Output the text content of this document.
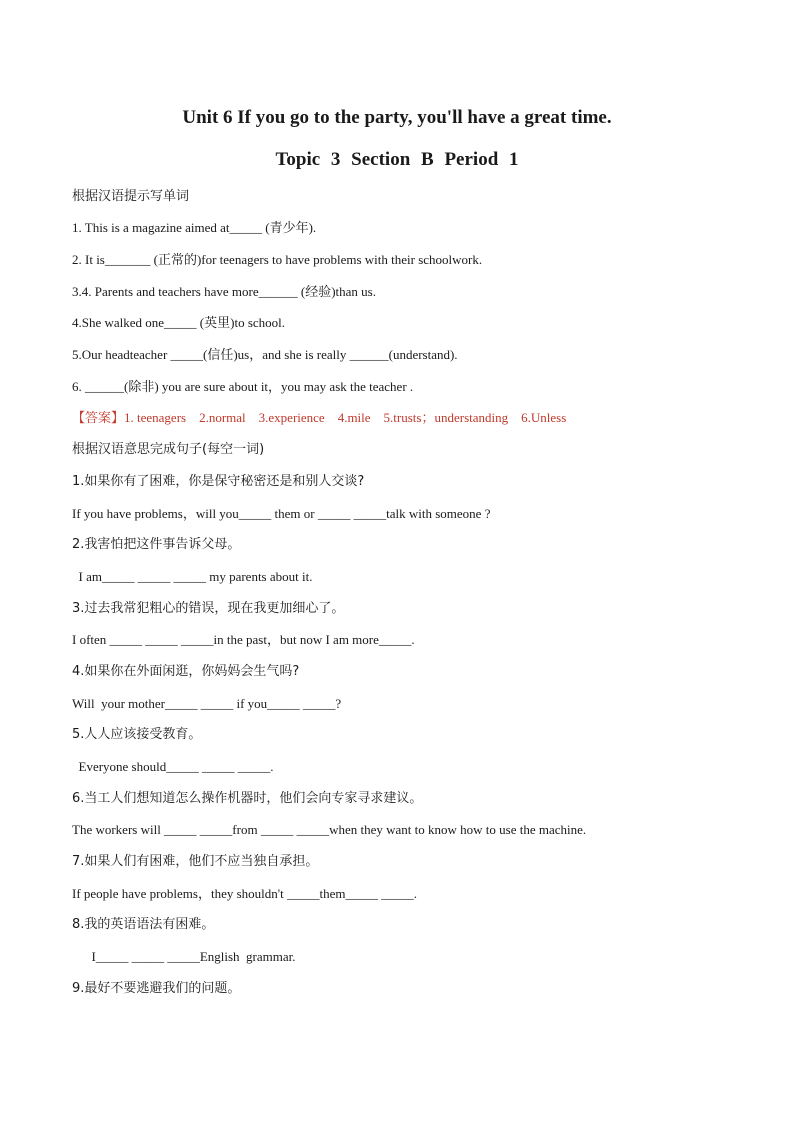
Unit 6 If you go to the party, you'll have a great time.
Topic 3 Section B Period 1

根据汉语提示写单词

1. This is a magazine aimed at_____ (青少年).

2. It is_______ (正常的)for teenagers to have problems with their schoolwork.

3.4. Parents and teachers have more______ (经验)than us.

4.She walked one_____ (英里)to school.

5.Our headteacher _____(信任)us，and she is really ______(understand).

6. ______(除非) you are sure about it，you may ask the teacher .

【答案】1. teenagers    2.normal    3.experience    4.mile    5.trusts；understanding    6.Unless

根据汉语意思完成句子(每空一词)

1.如果你有了困难，你是保守秘密还是和别人交谈?

If you have problems，will you_____ them or _____ _____talk with someone ?

2.我害怕把这件事告诉父母。

I am_____ _____ _____ my parents about it.

3.过去我常犯粗心的错误，现在我更加细心了。

I often _____ _____ _____in the past，but now I am more_____.

4.如果你在外面闲逛，你妈妈会生气吗?

Will  your mother_____ _____ if you_____ _____?

5.人人应该接受教育。

Everyone should_____ _____ _____.

6.当工人们想知道怎么操作机器时，他们会向专家寻求建议。

The workers will _____ _____from _____ _____when they want to know how to use the machine.

7.如果人们有困难，他们不应当独自承担。

If people have problems，they shouldn't _____them_____ _____.

8.我的英语语法有困难。

I_____ _____ _____English  grammar.

9.最好不要逃避我们的问题。
